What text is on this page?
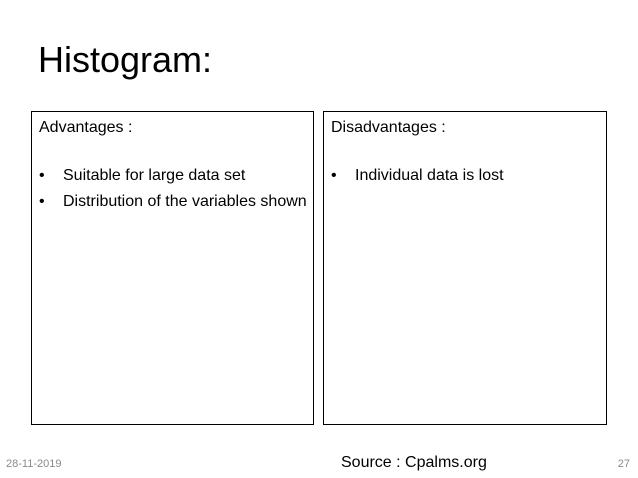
Histogram:

Advantages :

•	Suitable for large data set
•	Distribution of the variables shown

Disadvantages :

•	Individual data is lost
28-11-2019	Source : Cpalms.org	27
